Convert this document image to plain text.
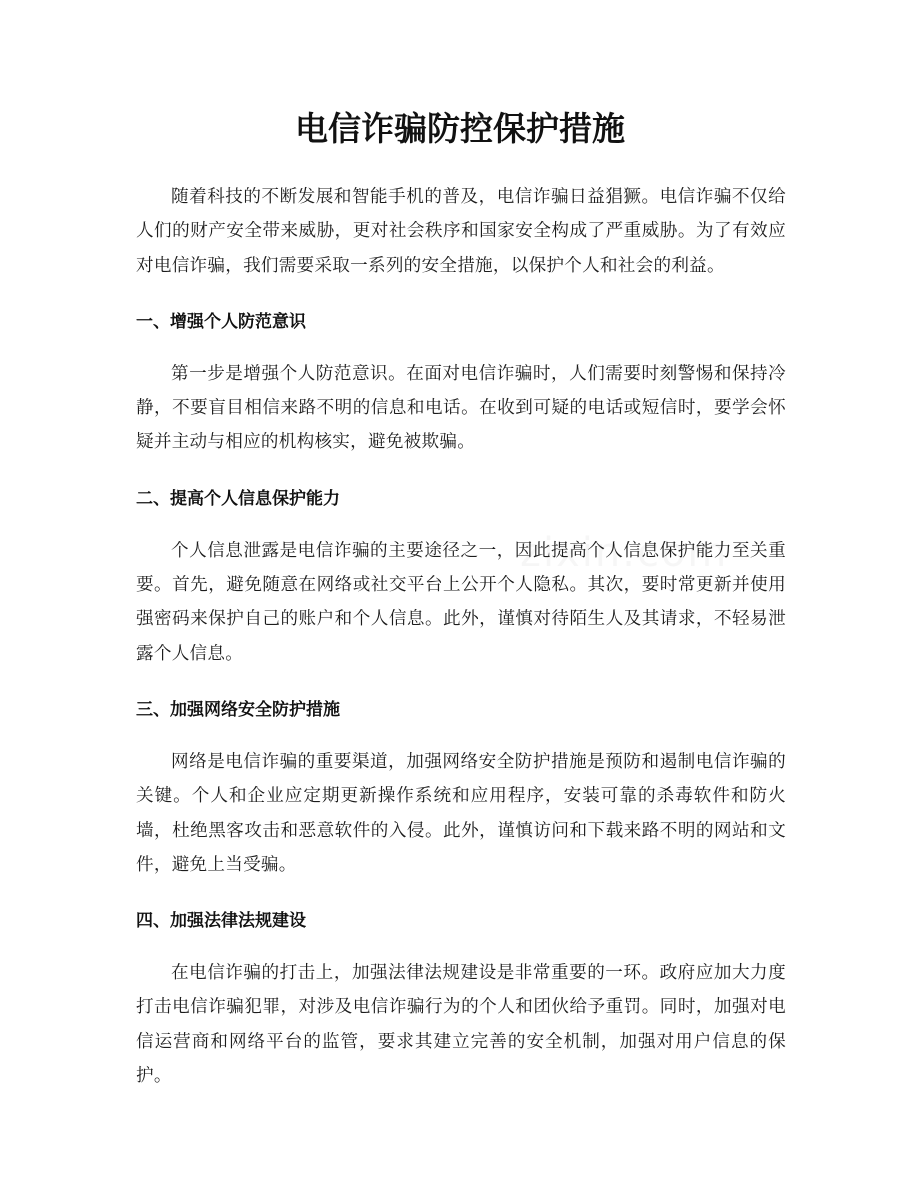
电信诈骗防控保护措施

随着科技的不断发展和智能手机的普及，电信诈骗日益猖獗。电信诈骗不仅给人们的财产安全带来威胁，更对社会秩序和国家安全构成了严重威胁。为了有效应对电信诈骗，我们需要采取一系列的安全措施，以保护个人和社会的利益。

一、增强个人防范意识

第一步是增强个人防范意识。在面对电信诈骗时，人们需要时刻警惕和保持冷静，不要盲目相信来路不明的信息和电话。在收到可疑的电话或短信时，要学会怀疑并主动与相应的机构核实，避免被欺骗。

二、提高个人信息保护能力

个人信息泄露是电信诈骗的主要途径之一，因此提高个人信息保护能力至关重要。首先，避免随意在网络或社交平台上公开个人隐私。其次，要时常更新并使用强密码来保护自己的账户和个人信息。此外，谨慎对待陌生人及其请求，不轻易泄露个人信息。

三、加强网络安全防护措施

网络是电信诈骗的重要渠道，加强网络安全防护措施是预防和遏制电信诈骗的关键。个人和企业应定期更新操作系统和应用程序，安装可靠的杀毒软件和防火墙，杜绝黑客攻击和恶意软件的入侵。此外，谨慎访问和下载来路不明的网站和文件，避免上当受骗。

四、加强法律法规建设

在电信诈骗的打击上，加强法律法规建设是非常重要的一环。政府应加大力度打击电信诈骗犯罪，对涉及电信诈骗行为的个人和团伙给予重罚。同时，加强对电信运营商和网络平台的监管，要求其建立完善的安全机制，加强对用户信息的保护。
